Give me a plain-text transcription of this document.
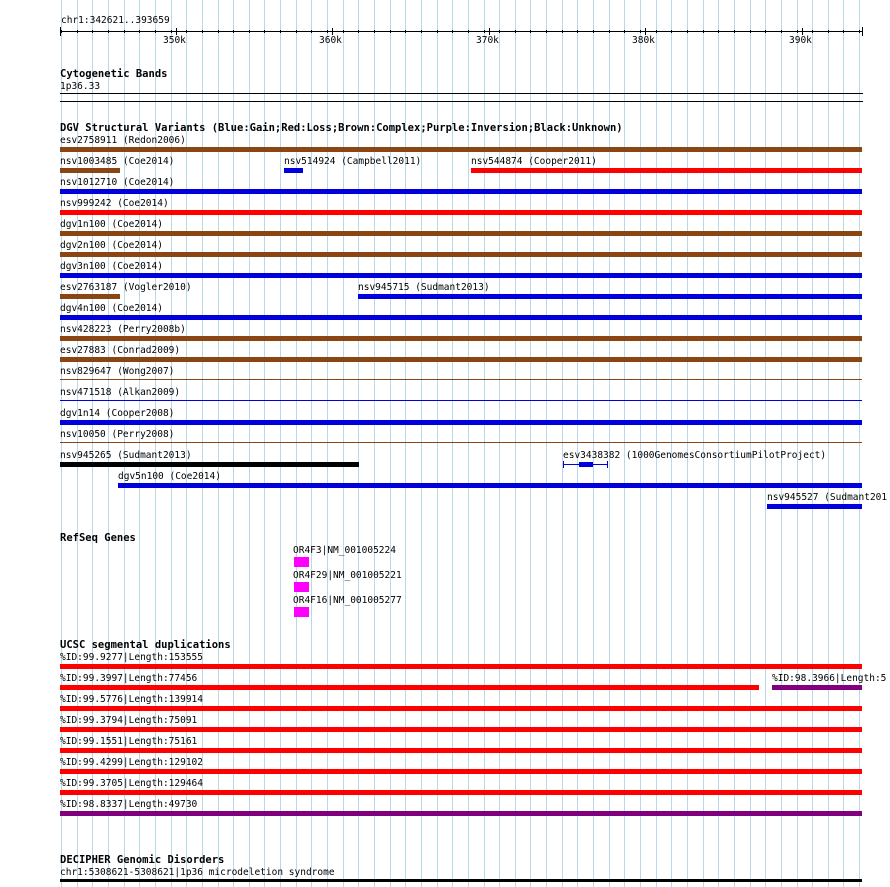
chr1:342621..393659
350k	360k	370k	380k	390k
Cytogenetic Bands
1p36.33
DGV Structural Variants (Blue:Gain;Red:Loss;Brown:Complex;Purple:Inversion;Black:Unknown)
esv2758911 (Redon2006)
nsv1003485 (Coe2014)	nsv514924 (Campbell2011)	nsv544874 (Cooper2011)
nsv1012710 (Coe2014)
nsv999242 (Coe2014)
dgv1n100 (Coe2014)
dgv2n100 (Coe2014)
dgv3n100 (Coe2014)
esv2763187 (Vogler2010)	nsv945715 (Sudmant2013)
dgv4n100 (Coe2014)
nsv428223 (Perry2008b)
esv27883 (Conrad2009)
nsv829647 (Wong2007)
nsv471518 (Alkan2009)
dgv1n14 (Cooper2008)
nsv10050 (Perry2008)
nsv945265 (Sudmant2013)	esv3438382 (1000GenomesConsortiumPilotProject)
dgv5n100 (Coe2014)
nsv945527 (Sudmant201
RefSeq Genes
OR4F3|NM_001005224
OR4F29|NM_001005221
OR4F16|NM_001005277
UCSC segmental duplications
%ID:99.9277|Length:153555
%ID:99.3997|Length:77456	%ID:98.3966|Length:5
%ID:99.5776|Length:139914
%ID:99.3794|Length:75091
%ID:99.1551|Length:75161
%ID:99.4299|Length:129102
%ID:99.3705|Length:129464
%ID:98.8337|Length:49730
DECIPHER Genomic Disorders
chr1:5308621-5308621|1p36 microdeletion syndrome
